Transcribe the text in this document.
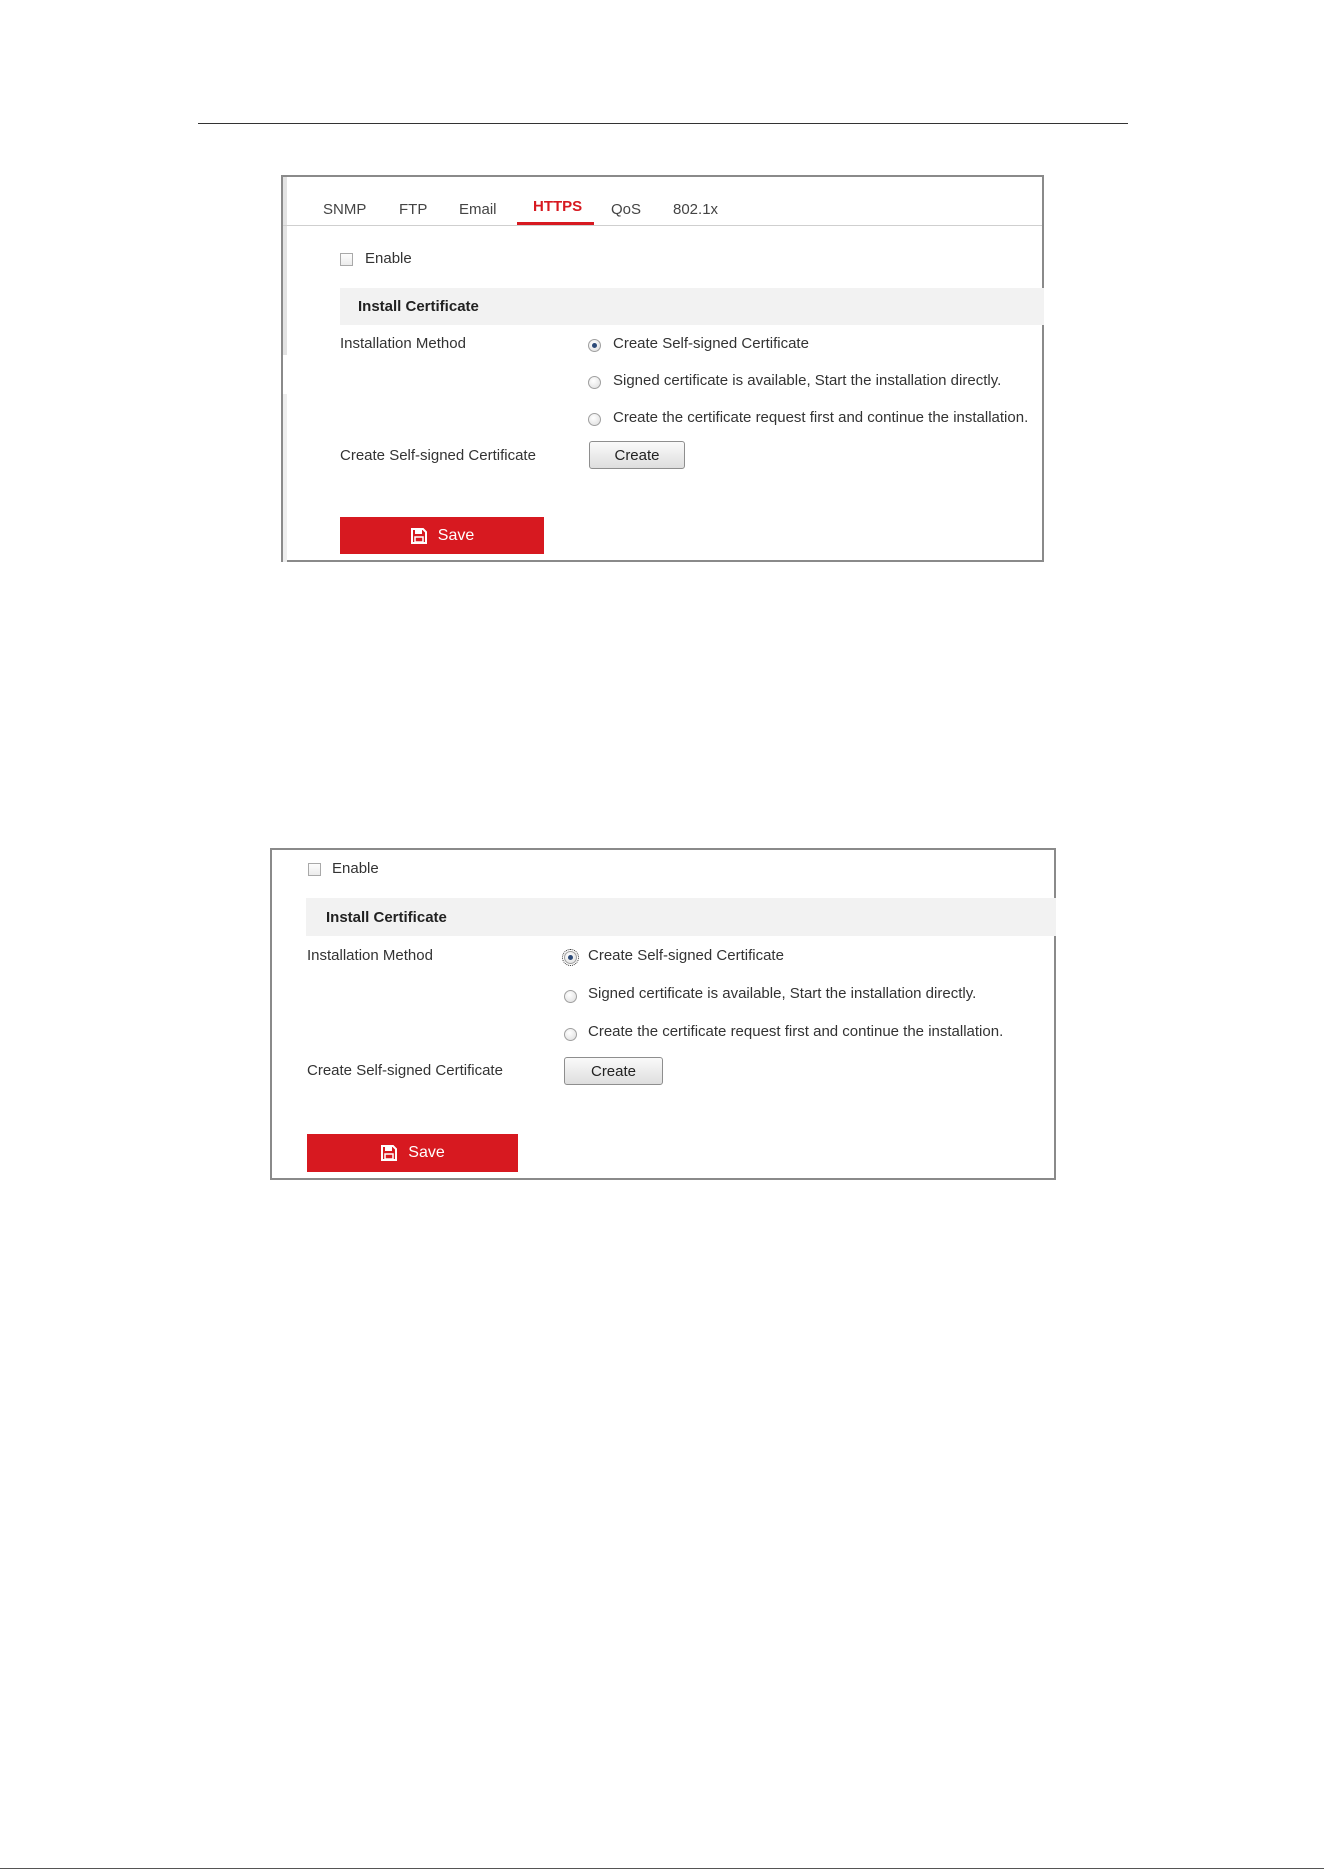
SNMP FTP Email HTTPS QoS 802.1x
Enable
Install Certificate
Installation Method	Create Self-signed Certificate
Signed certificate is available, Start the installation directly.
Create the certificate request first and continue the installation.
Create Self-signed Certificate	Create
Save
Enable
Install Certificate
Installation Method	Create Self-signed Certificate
Signed certificate is available, Start the installation directly.
Create the certificate request first and continue the installation.
Create Self-signed Certificate	Create
Save
